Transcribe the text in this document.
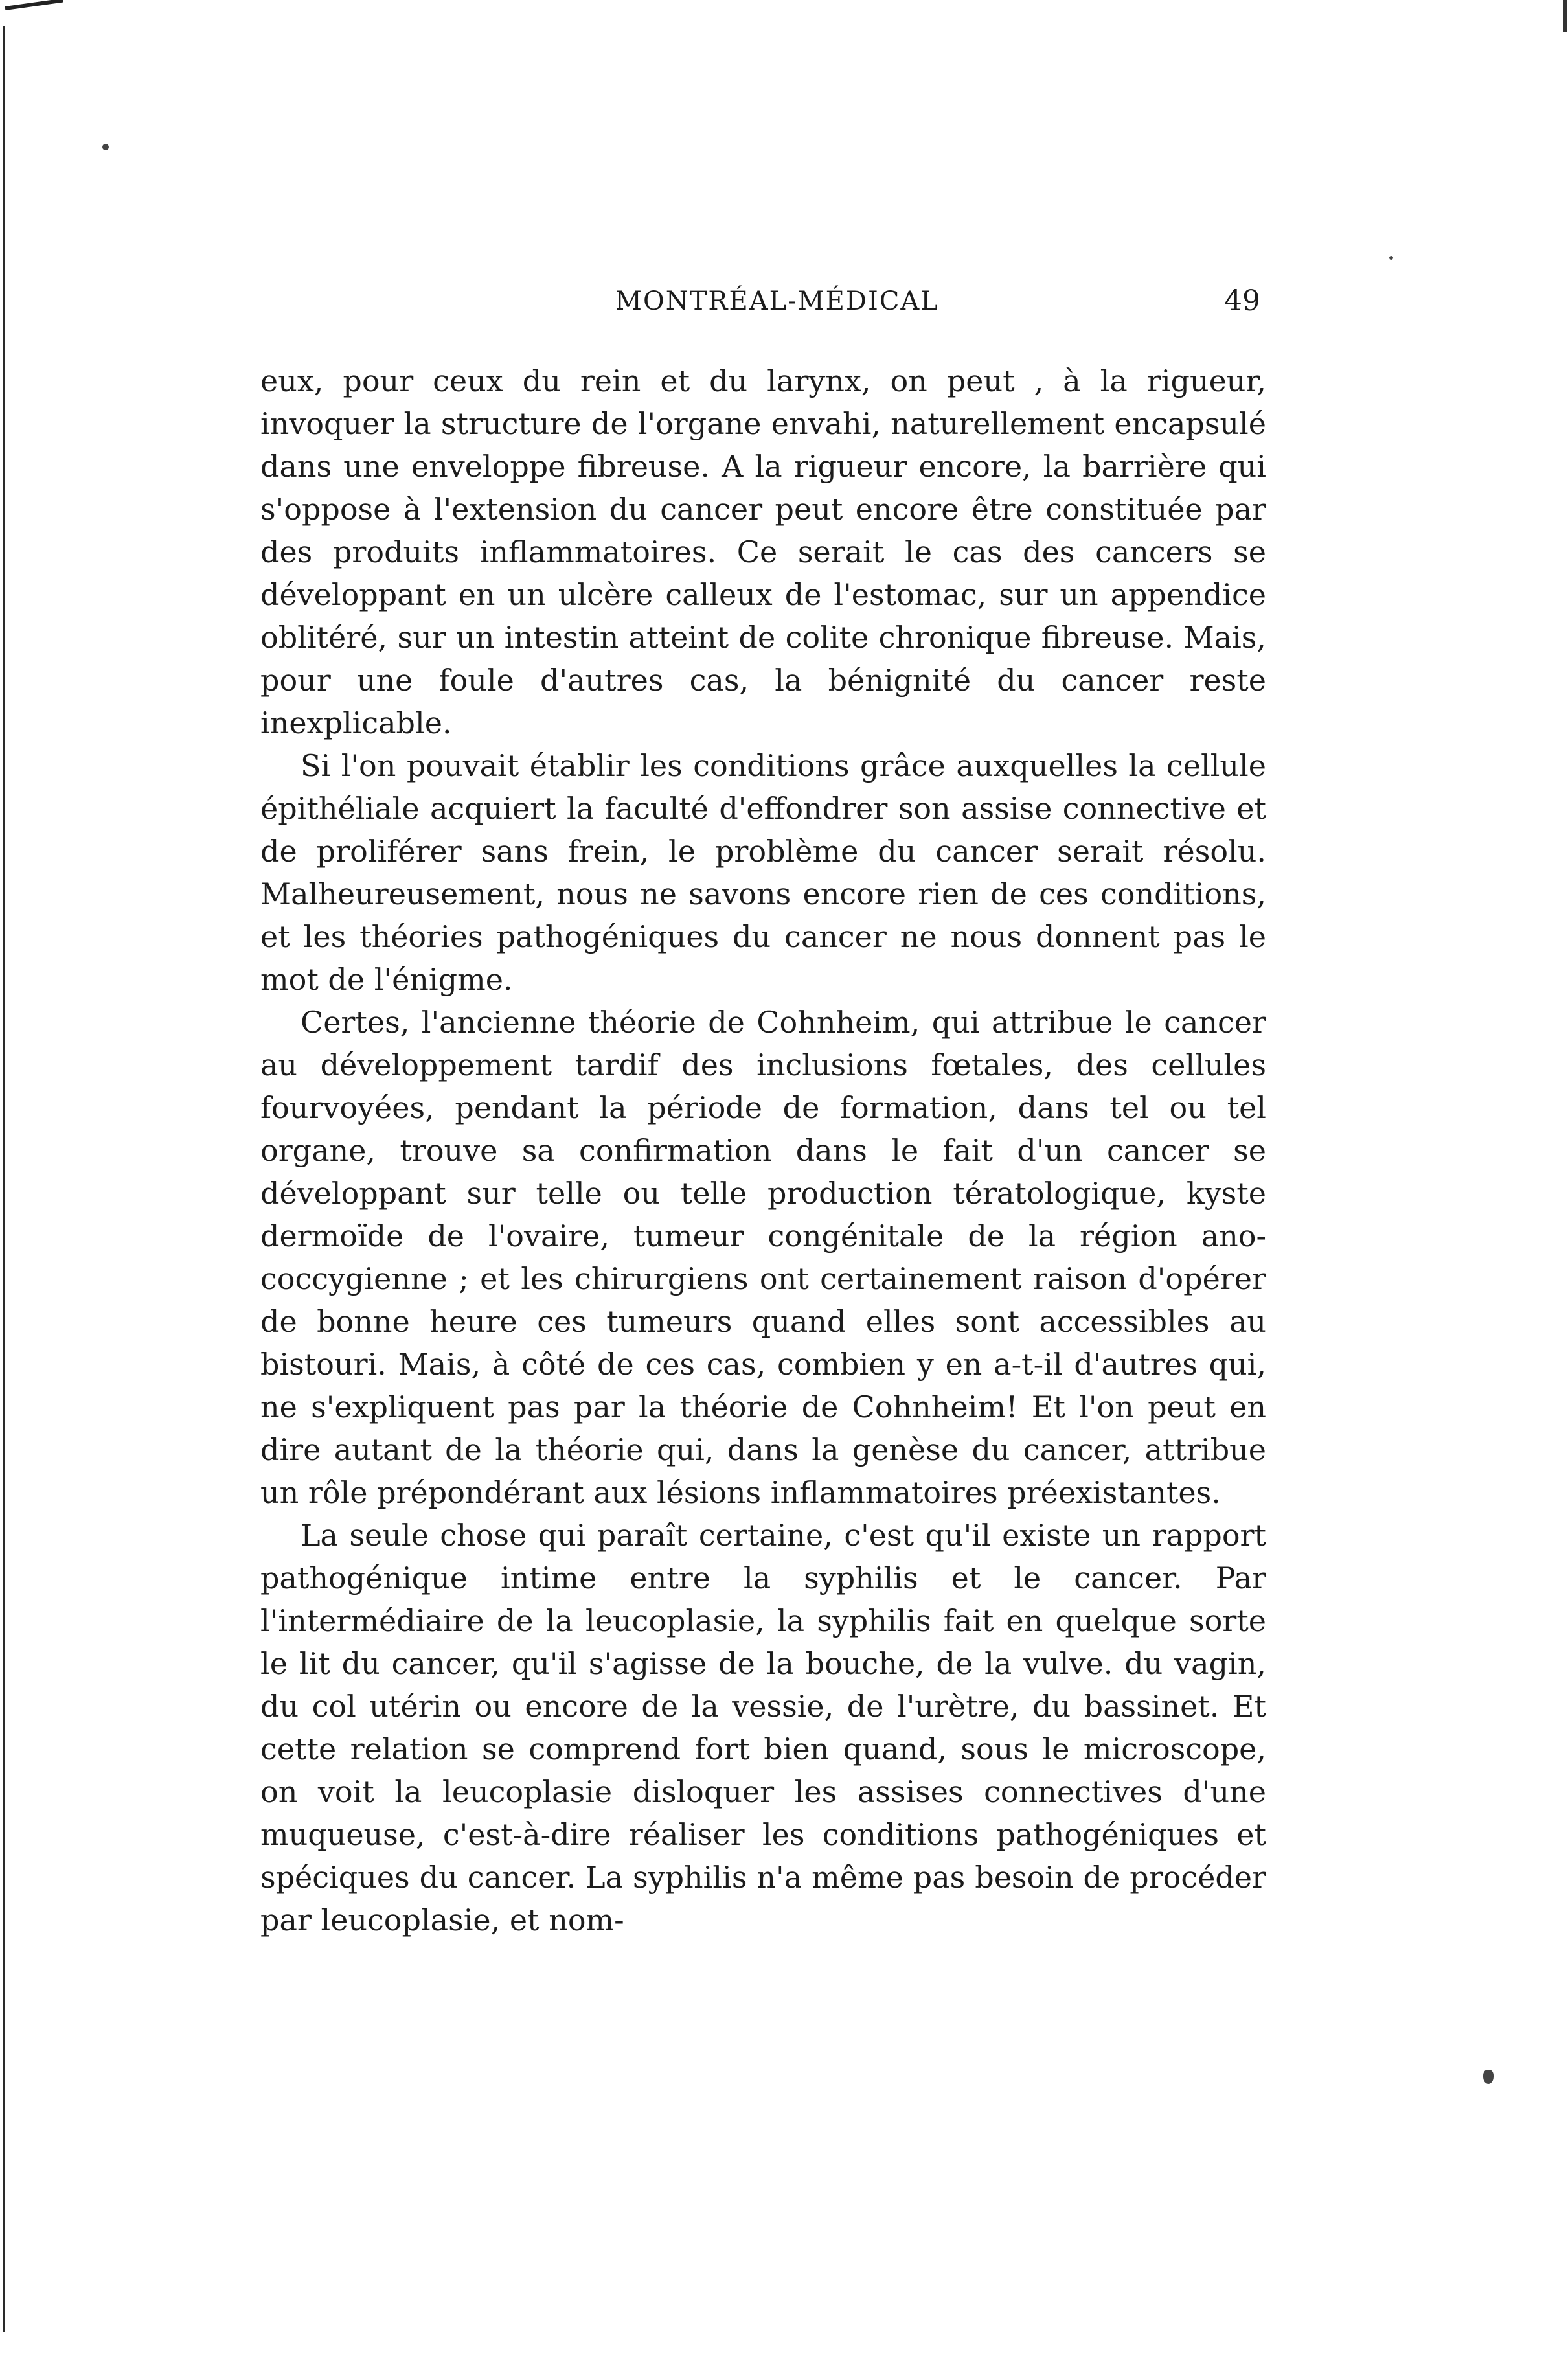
MONTRÉAL-MÉDICAL	49

eux, pour ceux du rein et du larynx, on peut , à la rigueur, invoquer la structure de l'organe envahi, naturellement encapsulé dans une enveloppe fibreuse. A la rigueur encore, la barrière qui s'oppose à l'extension du cancer peut encore être constituée par des produits inflammatoires. Ce serait le cas des cancers se développant en un ulcère calleux de l'estomac, sur un appendice oblitéré, sur un intestin atteint de colite chronique fibreuse. Mais, pour une foule d'autres cas, la bénignité du cancer reste inexplicable.

Si l'on pouvait établir les conditions grâce auxquelles la cellule épithéliale acquiert la faculté d'effondrer son assise connective et de proliférer sans frein, le problème du cancer serait résolu. Malheureusement, nous ne savons encore rien de ces conditions, et les théories pathogéniques du cancer ne nous donnent pas le mot de l'énigme.

Certes, l'ancienne théorie de Cohnheim, qui attribue le cancer au développement tardif des inclusions fœtales, des cellules fourvoyées, pendant la période de formation, dans tel ou tel organe, trouve sa confirmation dans le fait d'un cancer se développant sur telle ou telle production tératologique, kyste dermoïde de l'ovaire, tumeur congénitale de la région ano-coccygienne ; et les chirurgiens ont certainement raison d'opérer de bonne heure ces tumeurs quand elles sont accessibles au bistouri. Mais, à côté de ces cas, combien y en a-t-il d'autres qui, ne s'expliquent pas par la théorie de Cohnheim! Et l'on peut en dire autant de la théorie qui, dans la genèse du cancer, attribue un rôle prépondérant aux lésions inflammatoires préexistantes.

La seule chose qui paraît certaine, c'est qu'il existe un rapport pathogénique intime entre la syphilis et le cancer. Par l'intermédiaire de la leucoplasie, la syphilis fait en quelque sorte le lit du cancer, qu'il s'agisse de la bouche, de la vulve. du vagin, du col utérin ou encore de la vessie, de l'urètre, du bassinet. Et cette relation se comprend fort bien quand, sous le microscope, on voit la leucoplasie disloquer les assises connectives d'une muqueuse, c'est-à-dire réaliser les conditions pathogéniques et spéciques du cancer. La syphilis n'a même pas besoin de procéder par leucoplasie, et nom-
